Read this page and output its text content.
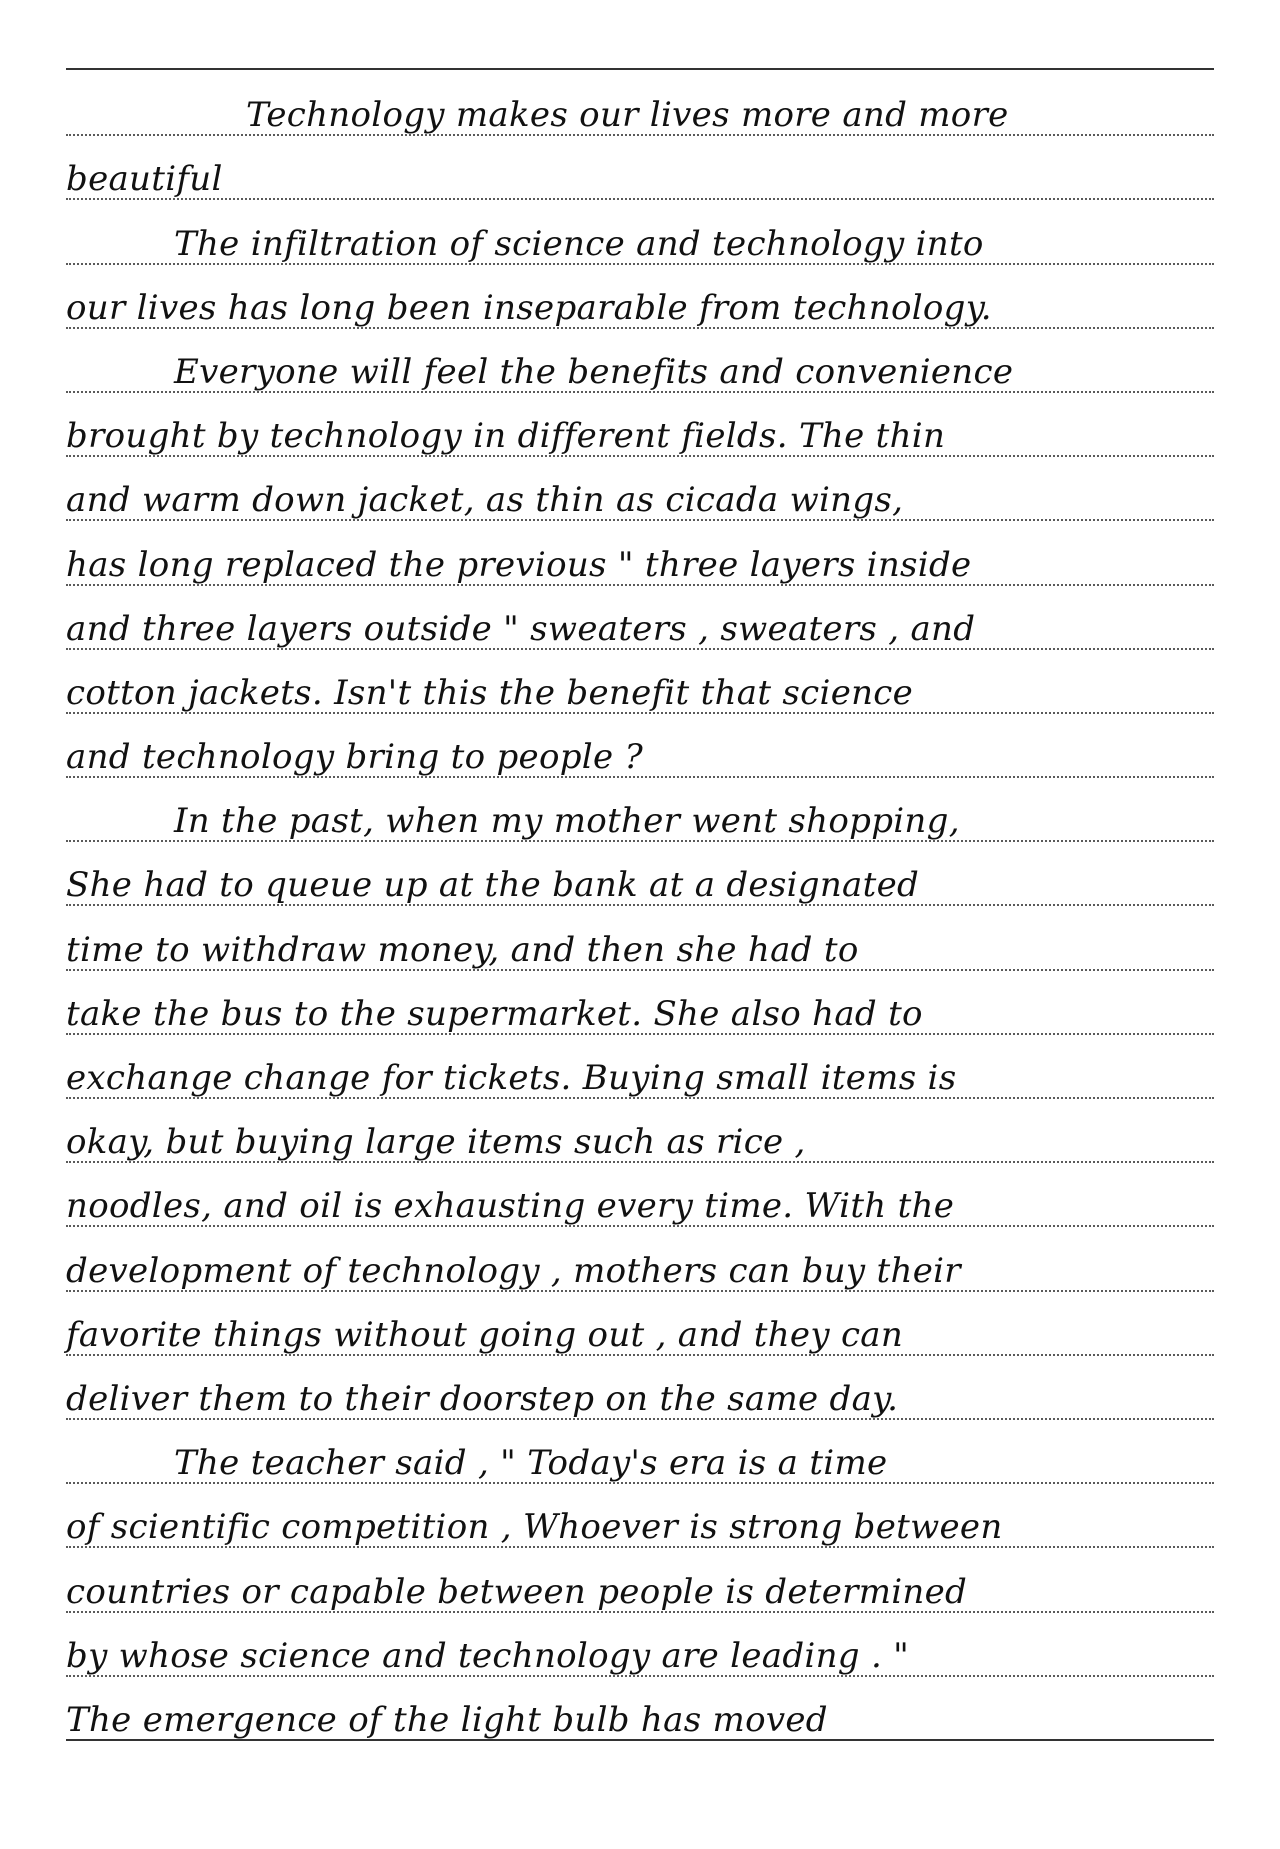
Technology makes our lives more and more
beautiful
The infiltration of science and technology into
our lives has long been inseparable from technology.
Everyone will feel the benefits and convenience
brought by technology in different fields. The thin
and warm down jacket, as thin as cicada wings,
has long replaced the previous " three layers inside
and three layers outside " sweaters , sweaters , and
cotton jackets. Isn't this the benefit that science
and technology bring to people ?
In the past, when my mother went shopping,
She had to queue up at the bank at a designated
time to withdraw money, and then she had to
take the bus to the supermarket. She also had to
exchange change for tickets. Buying small items is
okay, but buying large items such as rice ,
noodles, and oil is exhausting every time. With the
development of technology , mothers can buy their
favorite things without going out , and they can
deliver them to their doorstep on the same day.
The teacher said , " Today's era is a time
of scientific competition , Whoever is strong between
countries or capable between people is determined
by whose science and technology are leading . "
The emergence of the light bulb has moved
